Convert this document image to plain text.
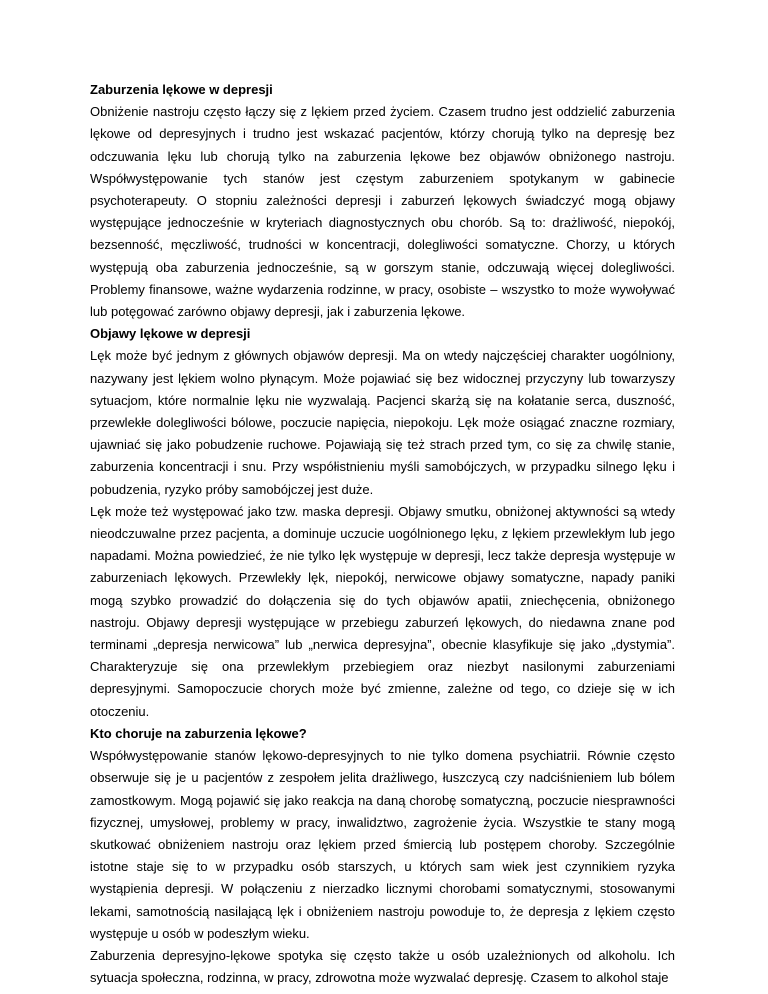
Zaburzenia lękowe w depresji

Obniżenie nastroju często łączy się z lękiem przed życiem. Czasem trudno jest oddzielić zaburzenia lękowe od depresyjnych i trudno jest wskazać pacjentów, którzy chorują tylko na depresję bez odczuwania lęku lub chorują tylko na zaburzenia lękowe bez objawów obniżonego nastroju. Współwystępowanie tych stanów jest częstym zaburzeniem spotykanym w gabinecie psychoterapeuty. O stopniu zależności depresji i zaburzeń lękowych świadczyć mogą objawy występujące jednocześnie w kryteriach diagnostycznych obu chorób. Są to: drażliwość, niepokój, bezsenność, męczliwość, trudności w koncentracji, dolegliwości somatyczne. Chorzy, u których występują oba zaburzenia jednocześnie, są w gorszym stanie, odczuwają więcej dolegliwości. Problemy finansowe, ważne wydarzenia rodzinne, w pracy, osobiste – wszystko to może wywoływać lub potęgować zarówno objawy depresji, jak i zaburzenia lękowe.

Objawy lękowe w depresji

Lęk może być jednym z głównych objawów depresji. Ma on wtedy najczęściej charakter uogólniony, nazywany jest lękiem wolno płynącym. Może pojawiać się bez widocznej przyczyny lub towarzyszy sytuacjom, które normalnie lęku nie wyzwalają. Pacjenci skarżą się na kołatanie serca, duszność, przewlekłe dolegliwości bólowe, poczucie napięcia, niepokoju. Lęk może osiągać znaczne rozmiary, ujawniać się jako pobudzenie ruchowe. Pojawiają się też strach przed tym, co się za chwilę stanie, zaburzenia koncentracji i snu. Przy współistnieniu myśli samobójczych, w przypadku silnego lęku i pobudzenia, ryzyko próby samobójczej jest duże.

Lęk może też występować jako tzw. maska depresji. Objawy smutku, obniżonej aktywności są wtedy nieodczuwalne przez pacjenta, a dominuje uczucie uogólnionego lęku, z lękiem przewlekłym lub jego napadami. Można powiedzieć, że nie tylko lęk występuje w depresji, lecz także depresja występuje w zaburzeniach lękowych. Przewlekły lęk, niepokój, nerwicowe objawy somatyczne, napady paniki mogą szybko prowadzić do dołączenia się do tych objawów apatii, zniechęcenia, obniżonego nastroju. Objawy depresji występujące w przebiegu zaburzeń lękowych, do niedawna znane pod terminami „depresja nerwicowa” lub „nerwica depresyjna”, obecnie klasyfikuje się jako „dystymia”. Charakteryzuje się ona przewlekłym przebiegiem oraz niezbyt nasilonymi zaburzeniami depresyjnymi. Samopoczucie chorych może być zmienne, zależne od tego, co dzieje się w ich otoczeniu.

Kto choruje na zaburzenia lękowe?

Współwystępowanie stanów lękowo-depresyjnych to nie tylko domena psychiatrii. Równie często obserwuje się je u pacjentów z zespołem jelita drażliwego, łuszczycą czy nadciśnieniem lub bólem zamostkowym. Mogą pojawić się jako reakcja na daną chorobę somatyczną, poczucie niesprawności fizycznej, umysłowej, problemy w pracy, inwalidztwo, zagrożenie życia. Wszystkie te stany mogą skutkować obniżeniem nastroju oraz lękiem przed śmiercią lub postępem choroby. Szczególnie istotne staje się to w przypadku osób starszych, u których sam wiek jest czynnikiem ryzyka wystąpienia depresji. W połączeniu z nierzadko licznymi chorobami somatycznymi, stosowanymi lekami, samotnością nasilającą lęk i obniżeniem nastroju powoduje to, że depresja z lękiem często występuje u osób w podeszłym wieku.

Zaburzenia depresyjno-lękowe spotyka się często także u osób uzależnionych od alkoholu. Ich sytuacja społeczna, rodzinna, w pracy, zdrowotna może wyzwalać depresję. Czasem to alkohol staje
